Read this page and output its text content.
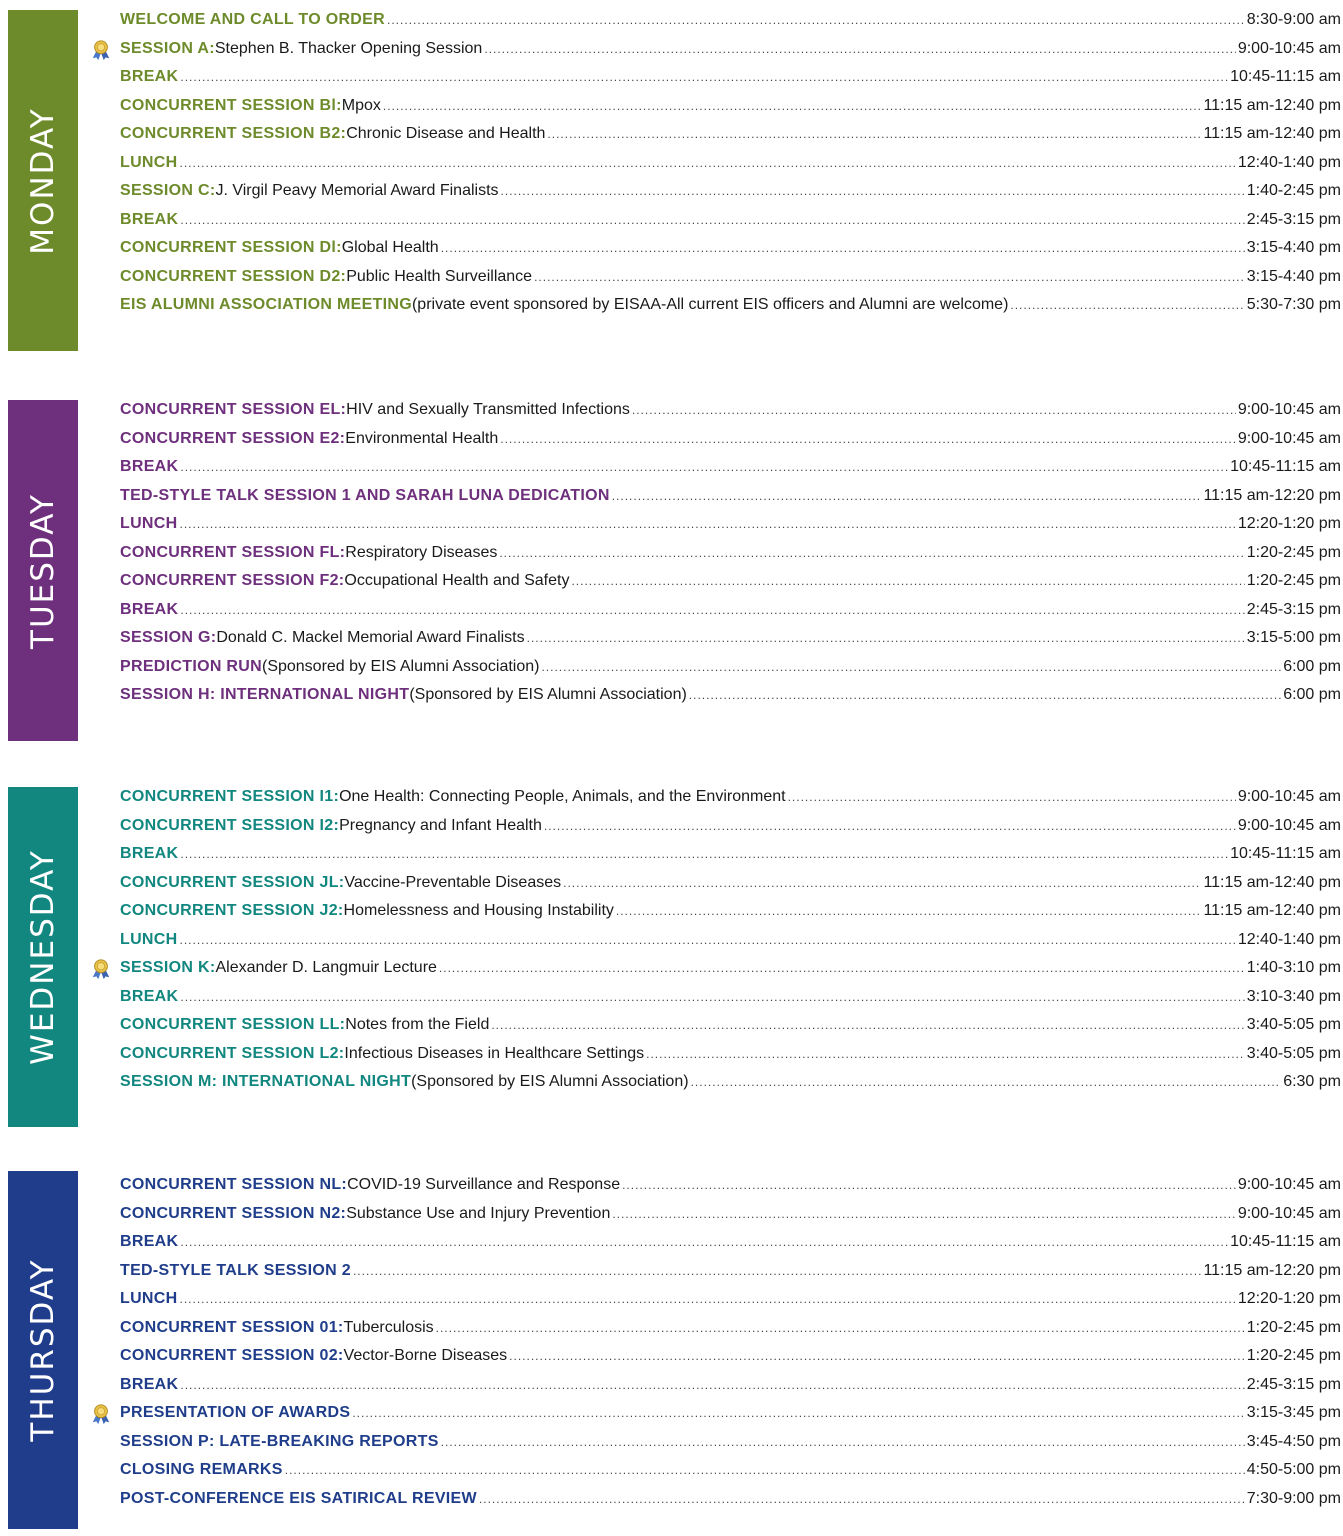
MONDAY
WELCOME AND CALL TO ORDER .....	8:30-9:00 am
SESSION A: Stephen B. Thacker Opening Session .....	9:00-10:45 am
BREAK .....	10:45-11:15 am
CONCURRENT SESSION Bl: Mpox .....	11:15 am-12:40 pm
CONCURRENT SESSION B2: Chronic Disease and Health .....	11:15 am-12:40 pm
LUNCH .....	12:40-1:40 pm
SESSION C: J. Virgil Peavy Memorial Award Finalists .....	1:40-2:45 pm
BREAK .....	2:45-3:15 pm
CONCURRENT SESSION Dl: Global Health .....	3:15-4:40 pm
CONCURRENT SESSION D2: Public Health Surveillance .....	3:15-4:40 pm
EIS ALUMNI ASSOCIATION MEETING (private event sponsored by EISAA-All current EIS officers and Alumni are welcome) .....	5:30-7:30 pm
TUESDAY
CONCURRENT SESSION EL: HIV and Sexually Transmitted Infections .....	9:00-10:45 am
CONCURRENT SESSION E2: Environmental Health .....	9:00-10:45 am
BREAK .....	10:45-11:15 am
TED-STYLE TALK SESSION 1 AND SARAH LUNA DEDICATION .....	11:15 am-12:20 pm
LUNCH .....	12:20-1:20 pm
CONCURRENT SESSION FL: Respiratory Diseases .....	1:20-2:45 pm
CONCURRENT SESSION F2: Occupational Health and Safety .....	1:20-2:45 pm
BREAK .....	2:45-3:15 pm
SESSION G: Donald C. Mackel Memorial Award Finalists .....	3:15-5:00 pm
PREDICTION RUN (Sponsored by EIS Alumni Association) .....	6:00 pm
SESSION H: INTERNATIONAL NIGHT (Sponsored by EIS Alumni Association) .....	6:00 pm
WEDNESDAY
CONCURRENT SESSION I1: One Health: Connecting People, Animals, and the Environment .....	9:00-10:45 am
CONCURRENT SESSION I2: Pregnancy and Infant Health .....	9:00-10:45 am
BREAK .....	10:45-11:15 am
CONCURRENT SESSION JL: Vaccine-Preventable Diseases .....	11:15 am-12:40 pm
CONCURRENT SESSION J2: Homelessness and Housing Instability .....	11:15 am-12:40 pm
LUNCH .....	12:40-1:40 pm
SESSION K: Alexander D. Langmuir Lecture .....	1:40-3:10 pm
BREAK .....	3:10-3:40 pm
CONCURRENT SESSION LL: Notes from the Field .....	3:40-5:05 pm
CONCURRENT SESSION L2: Infectious Diseases in Healthcare Settings .....	3:40-5:05 pm
SESSION M: INTERNATIONAL NIGHT (Sponsored by EIS Alumni Association) .....	6:30 pm
THURSDAY
CONCURRENT SESSION NL: COVID-19 Surveillance and Response .....	9:00-10:45 am
CONCURRENT SESSION N2: Substance Use and Injury Prevention .....	9:00-10:45 am
BREAK .....	10:45-11:15 am
TED-STYLE TALK SESSION 2 .....	11:15 am-12:20 pm
LUNCH .....	12:20-1:20 pm
CONCURRENT SESSION 01: Tuberculosis .....	1:20-2:45 pm
CONCURRENT SESSION 02: Vector-Borne Diseases .....	1:20-2:45 pm
BREAK .....	2:45-3:15 pm
PRESENTATION OF AWARDS .....	3:15-3:45 pm
SESSION P: LATE-BREAKING REPORTS .....	3:45-4:50 pm
CLOSING REMARKS .....	4:50-5:00 pm
POST-CONFERENCE EIS SATIRICAL REVIEW .....	7:30-9:00 pm
